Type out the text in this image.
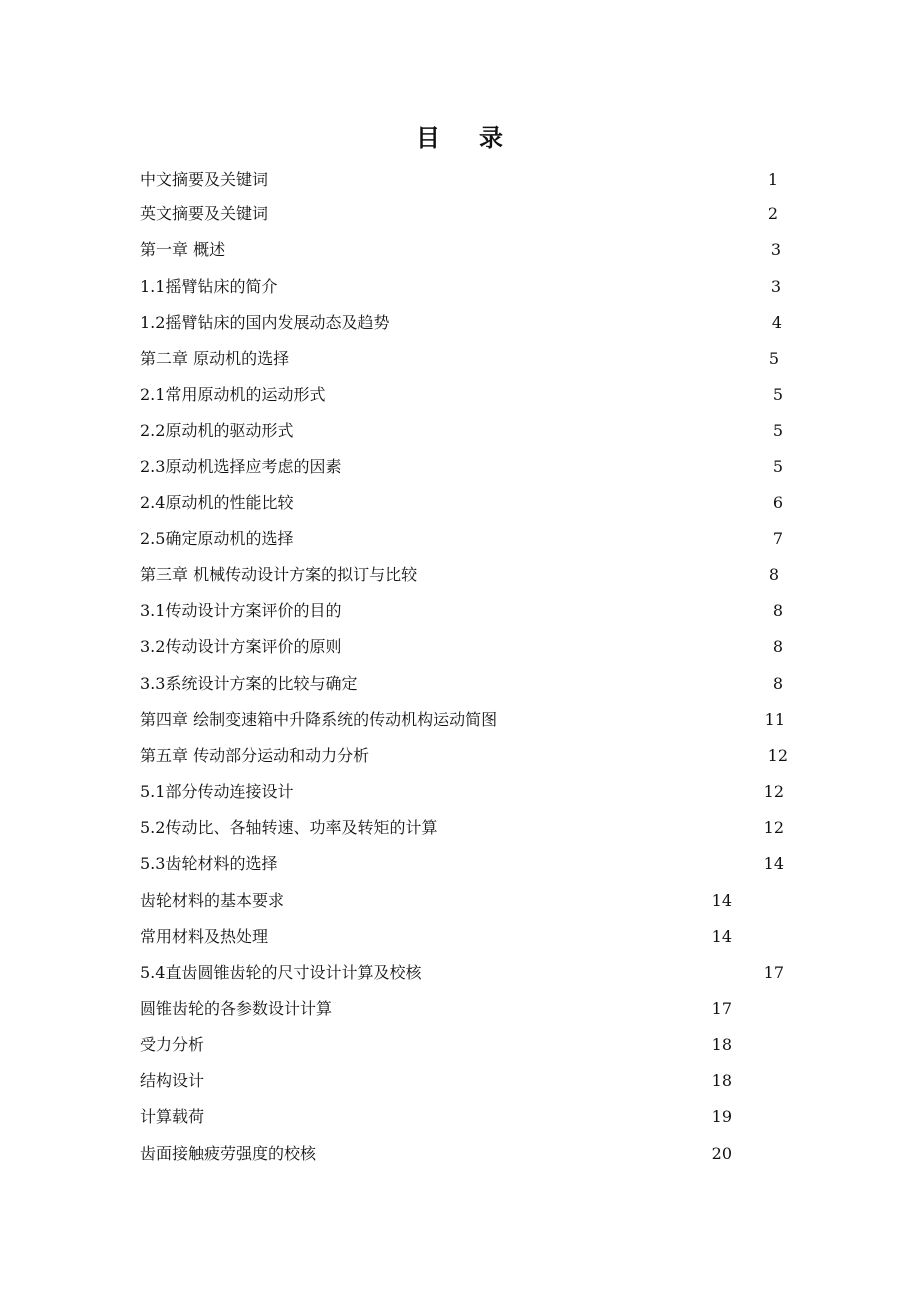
目 录
中文摘要及关键词	1
英文摘要及关键词	2
第一章 概述	3
1.1摇臂钻床的简介	3
1.2摇臂钻床的国内发展动态及趋势	4
第二章 原动机的选择	5
2.1常用原动机的运动形式	5
2.2原动机的驱动形式	5
2.3原动机选择应考虑的因素	5
2.4原动机的性能比较	6
2.5确定原动机的选择	7
第三章 机械传动设计方案的拟订与比较	8
3.1传动设计方案评价的目的	8
3.2传动设计方案评价的原则	8
3.3系统设计方案的比较与确定	8
第四章 绘制变速箱中升降系统的传动机构运动简图	11
第五章 传动部分运动和动力分析	12
5.1部分传动连接设计	12
5.2传动比、各轴转速、功率及转矩的计算	12
5.3齿轮材料的选择	14
齿轮材料的基本要求	14
常用材料及热处理	14
5.4直齿圆锥齿轮的尺寸设计计算及校核	17
圆锥齿轮的各参数设计计算	17
受力分析	18
结构设计	18
计算载荷	19
齿面接触疲劳强度的校核	20
